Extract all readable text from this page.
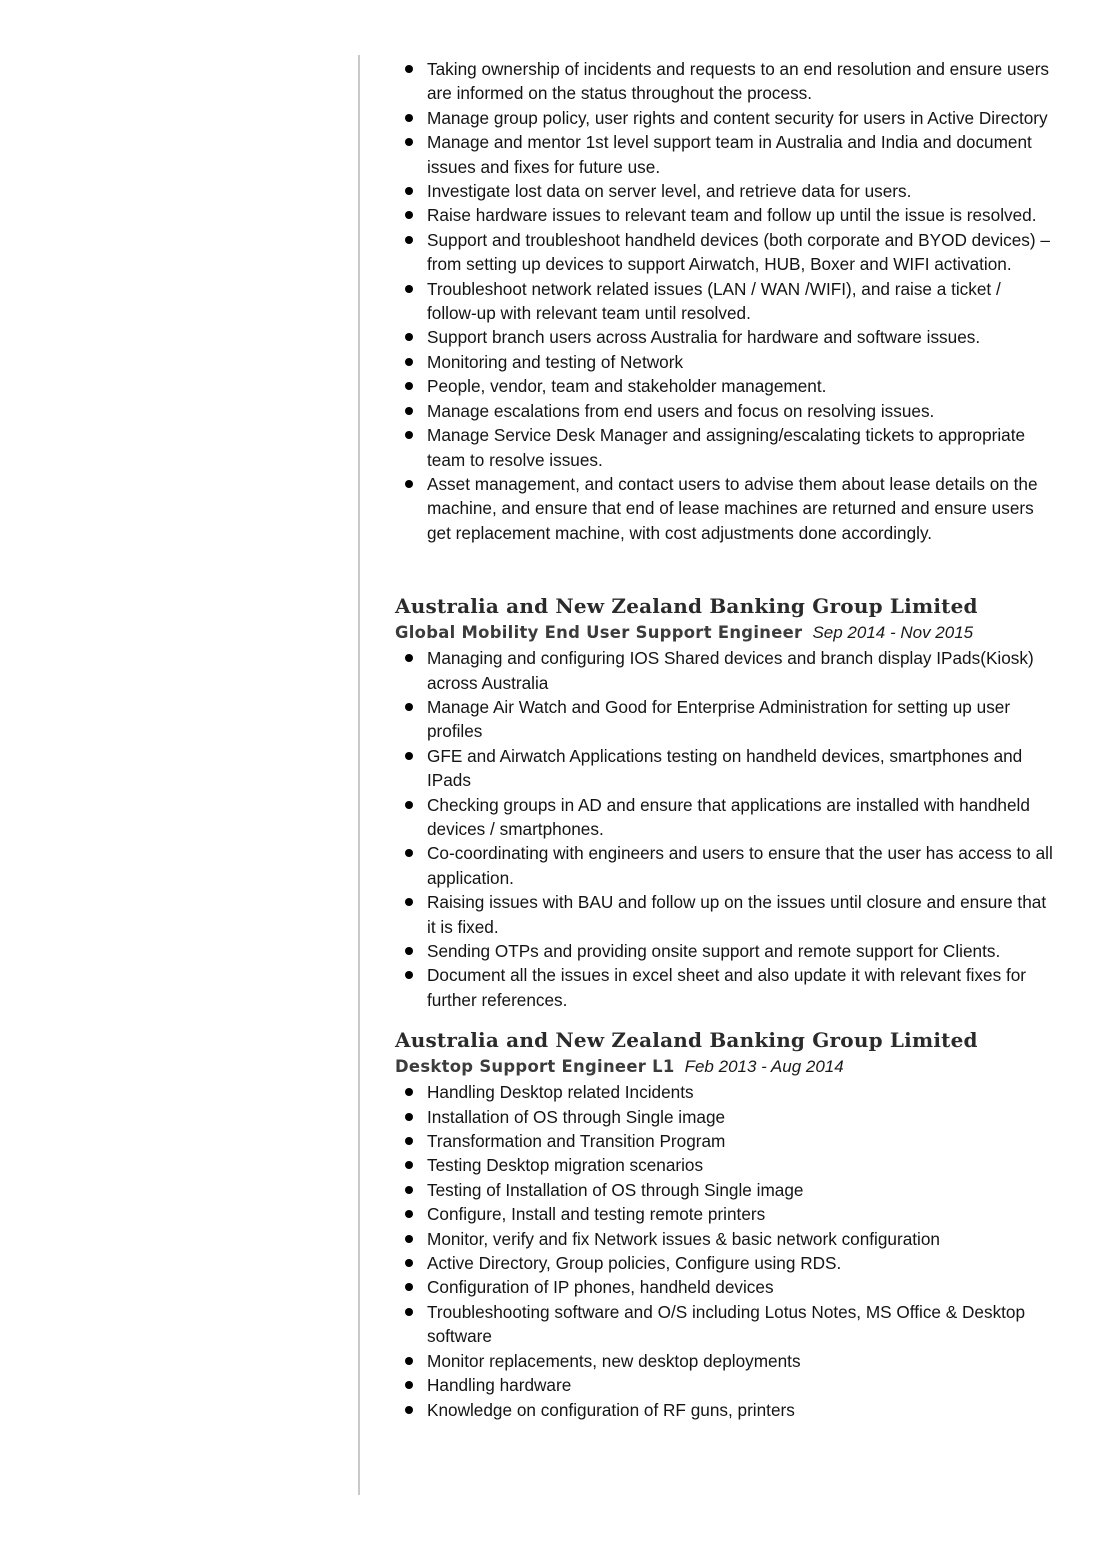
Taking ownership of incidents and requests to an end resolution and ensure users are informed on the status throughout the process.
Manage group policy, user rights and content security for users in Active Directory
Manage and mentor 1st level support team in Australia and India and document issues and fixes for future use.
Investigate lost data on server level, and retrieve data for users.
Raise hardware issues to relevant team and follow up until the issue is resolved.
Support and troubleshoot handheld devices (both corporate and BYOD devices) – from setting up devices to support Airwatch, HUB, Boxer and WIFI activation.
Troubleshoot network related issues (LAN / WAN /WIFI), and raise a ticket / follow-up with relevant team until resolved.
Support branch users across Australia for hardware and software issues.
Monitoring and testing of Network
People, vendor, team and stakeholder management.
Manage escalations from end users and focus on resolving issues.
Manage Service Desk Manager and assigning/escalating tickets to appropriate team to resolve issues.
Asset management, and contact users to advise them about lease details on the machine, and ensure that end of lease machines are returned and ensure users get replacement machine, with cost adjustments done accordingly.
Australia and New Zealand Banking Group Limited
Global Mobility End User Support Engineer Sep 2014 - Nov 2015
Managing and configuring IOS Shared devices and branch display IPads(Kiosk) across Australia
Manage Air Watch and Good for Enterprise Administration for setting up user profiles
GFE and Airwatch Applications testing on handheld devices, smartphones and IPads
Checking groups in AD and ensure that applications are installed with handheld devices / smartphones.
Co-coordinating with engineers and users to ensure that the user has access to all application.
Raising issues with BAU and follow up on the issues until closure and ensure that it is fixed.
Sending OTPs and providing onsite support and remote support for Clients.
Document all the issues in excel sheet and also update it with relevant fixes for further references.
Australia and New Zealand Banking Group Limited
Desktop Support Engineer L1 Feb 2013 - Aug 2014
Handling Desktop related Incidents
Installation of OS through Single image
Transformation and Transition Program
Testing Desktop migration scenarios
Testing of Installation of OS through Single image
Configure, Install and testing remote printers
Monitor, verify and fix Network issues & basic network configuration
Active Directory, Group policies, Configure using RDS.
Configuration of IP phones, handheld devices
Troubleshooting software and O/S including Lotus Notes, MS Office & Desktop software
Monitor replacements, new desktop deployments
Handling hardware
Knowledge on configuration of RF guns, printers
